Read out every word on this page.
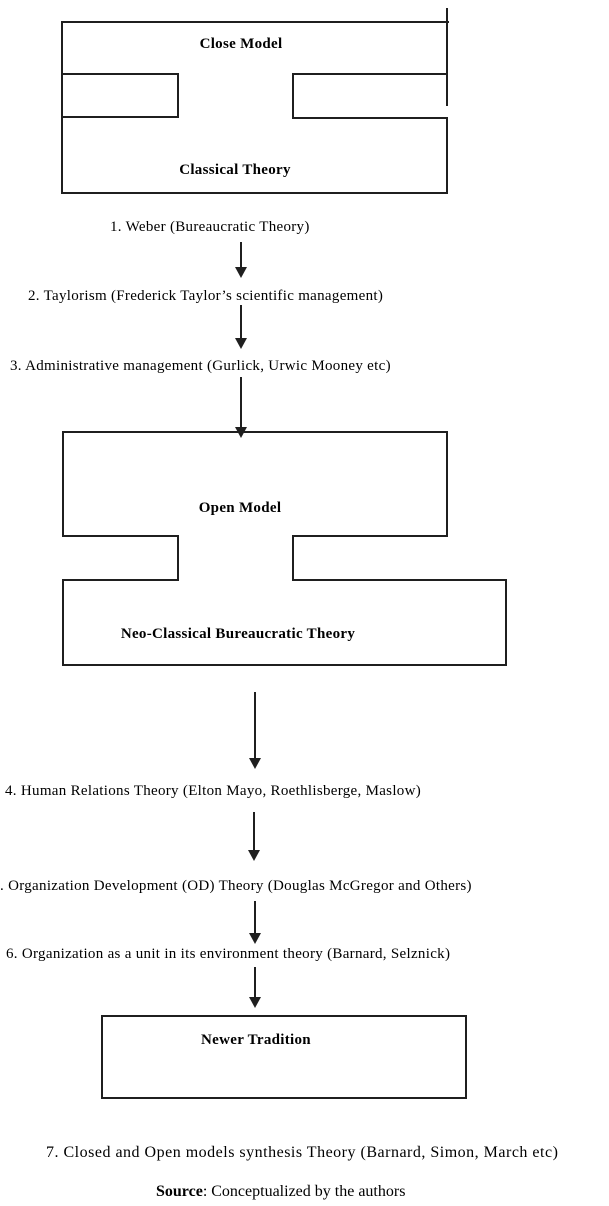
Close Model
Classical Theory
1. Weber (Bureaucratic Theory)
2. Taylorism (Frederick Taylor’s scientific management)
3. Administrative management (Gurlick, Urwic Mooney etc)
Open Model
Neo-Classical Bureaucratic Theory
4. Human Relations Theory (Elton Mayo, Roethlisberge, Maslow)
. Organization Development (OD) Theory (Douglas McGregor and Others)
6. Organization as a unit in its environment theory (Barnard, Selznick)
Newer Tradition
7. Closed and Open models synthesis Theory (Barnard, Simon, March etc)
Source: Conceptualized by the authors
